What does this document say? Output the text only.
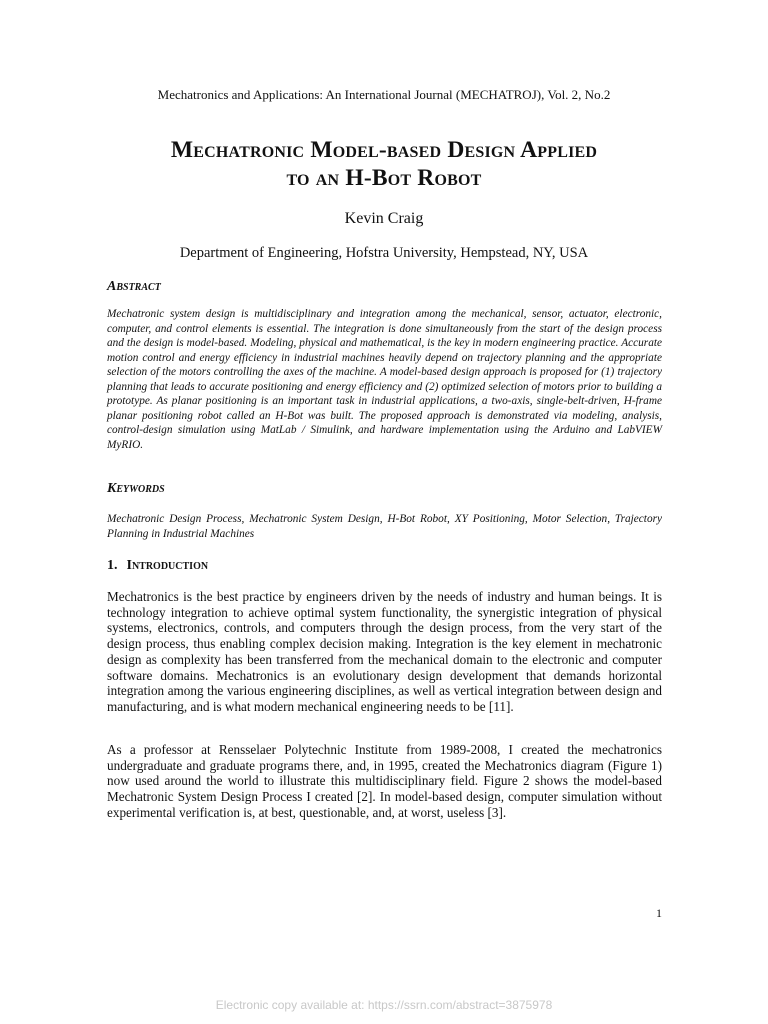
Mechatronics and Applications: An International Journal (MECHATROJ), Vol. 2, No.2
Mechatronic Model-based Design Applied
to an H-Bot Robot
Kevin Craig
Department of Engineering, Hofstra University, Hempstead, NY, USA
Abstract

Mechatronic system design is multidisciplinary and integration among the mechanical, sensor, actuator, electronic, computer, and control elements is essential. The integration is done simultaneously from the start of the design process and the design is model-based. Modeling, physical and mathematical, is the key in modern engineering practice. Accurate motion control and energy efficiency in industrial machines heavily depend on trajectory planning and the appropriate selection of the motors controlling the axes of the machine. A model-based design approach is proposed for (1) trajectory planning that leads to accurate positioning and energy efficiency and (2) optimized selection of motors prior to building a prototype. As planar positioning is an important task in industrial applications, a two-axis, single-belt-driven, H-frame planar positioning robot called an H-Bot was built. The proposed approach is demonstrated via modeling, analysis, control-design simulation using MatLab / Simulink, and hardware implementation using the Arduino and LabVIEW MyRIO.

Keywords

Mechatronic Design Process, Mechatronic System Design, H-Bot Robot, XY Positioning, Motor Selection, Trajectory Planning in Industrial Machines

1. Introduction

Mechatronics is the best practice by engineers driven by the needs of industry and human beings. It is technology integration to achieve optimal system functionality, the synergistic integration of physical systems, electronics, controls, and computers through the design process, from the very start of the design process, thus enabling complex decision making. Integration is the key element in mechatronic design as complexity has been transferred from the mechanical domain to the electronic and computer software domains. Mechatronics is an evolutionary design development that demands horizontal integration among the various engineering disciplines, as well as vertical integration between design and manufacturing, and is what modern mechanical engineering needs to be [11].

As a professor at Rensselaer Polytechnic Institute from 1989-2008, I created the mechatronics undergraduate and graduate programs there, and, in 1995, created the Mechatronics diagram (Figure 1) now used around the world to illustrate this multidisciplinary field. Figure 2 shows the model-based Mechatronic System Design Process I created [2]. In model-based design, computer simulation without experimental verification is, at best, questionable, and, at worst, useless [3].

1
Electronic copy available at: https://ssrn.com/abstract=3875978
